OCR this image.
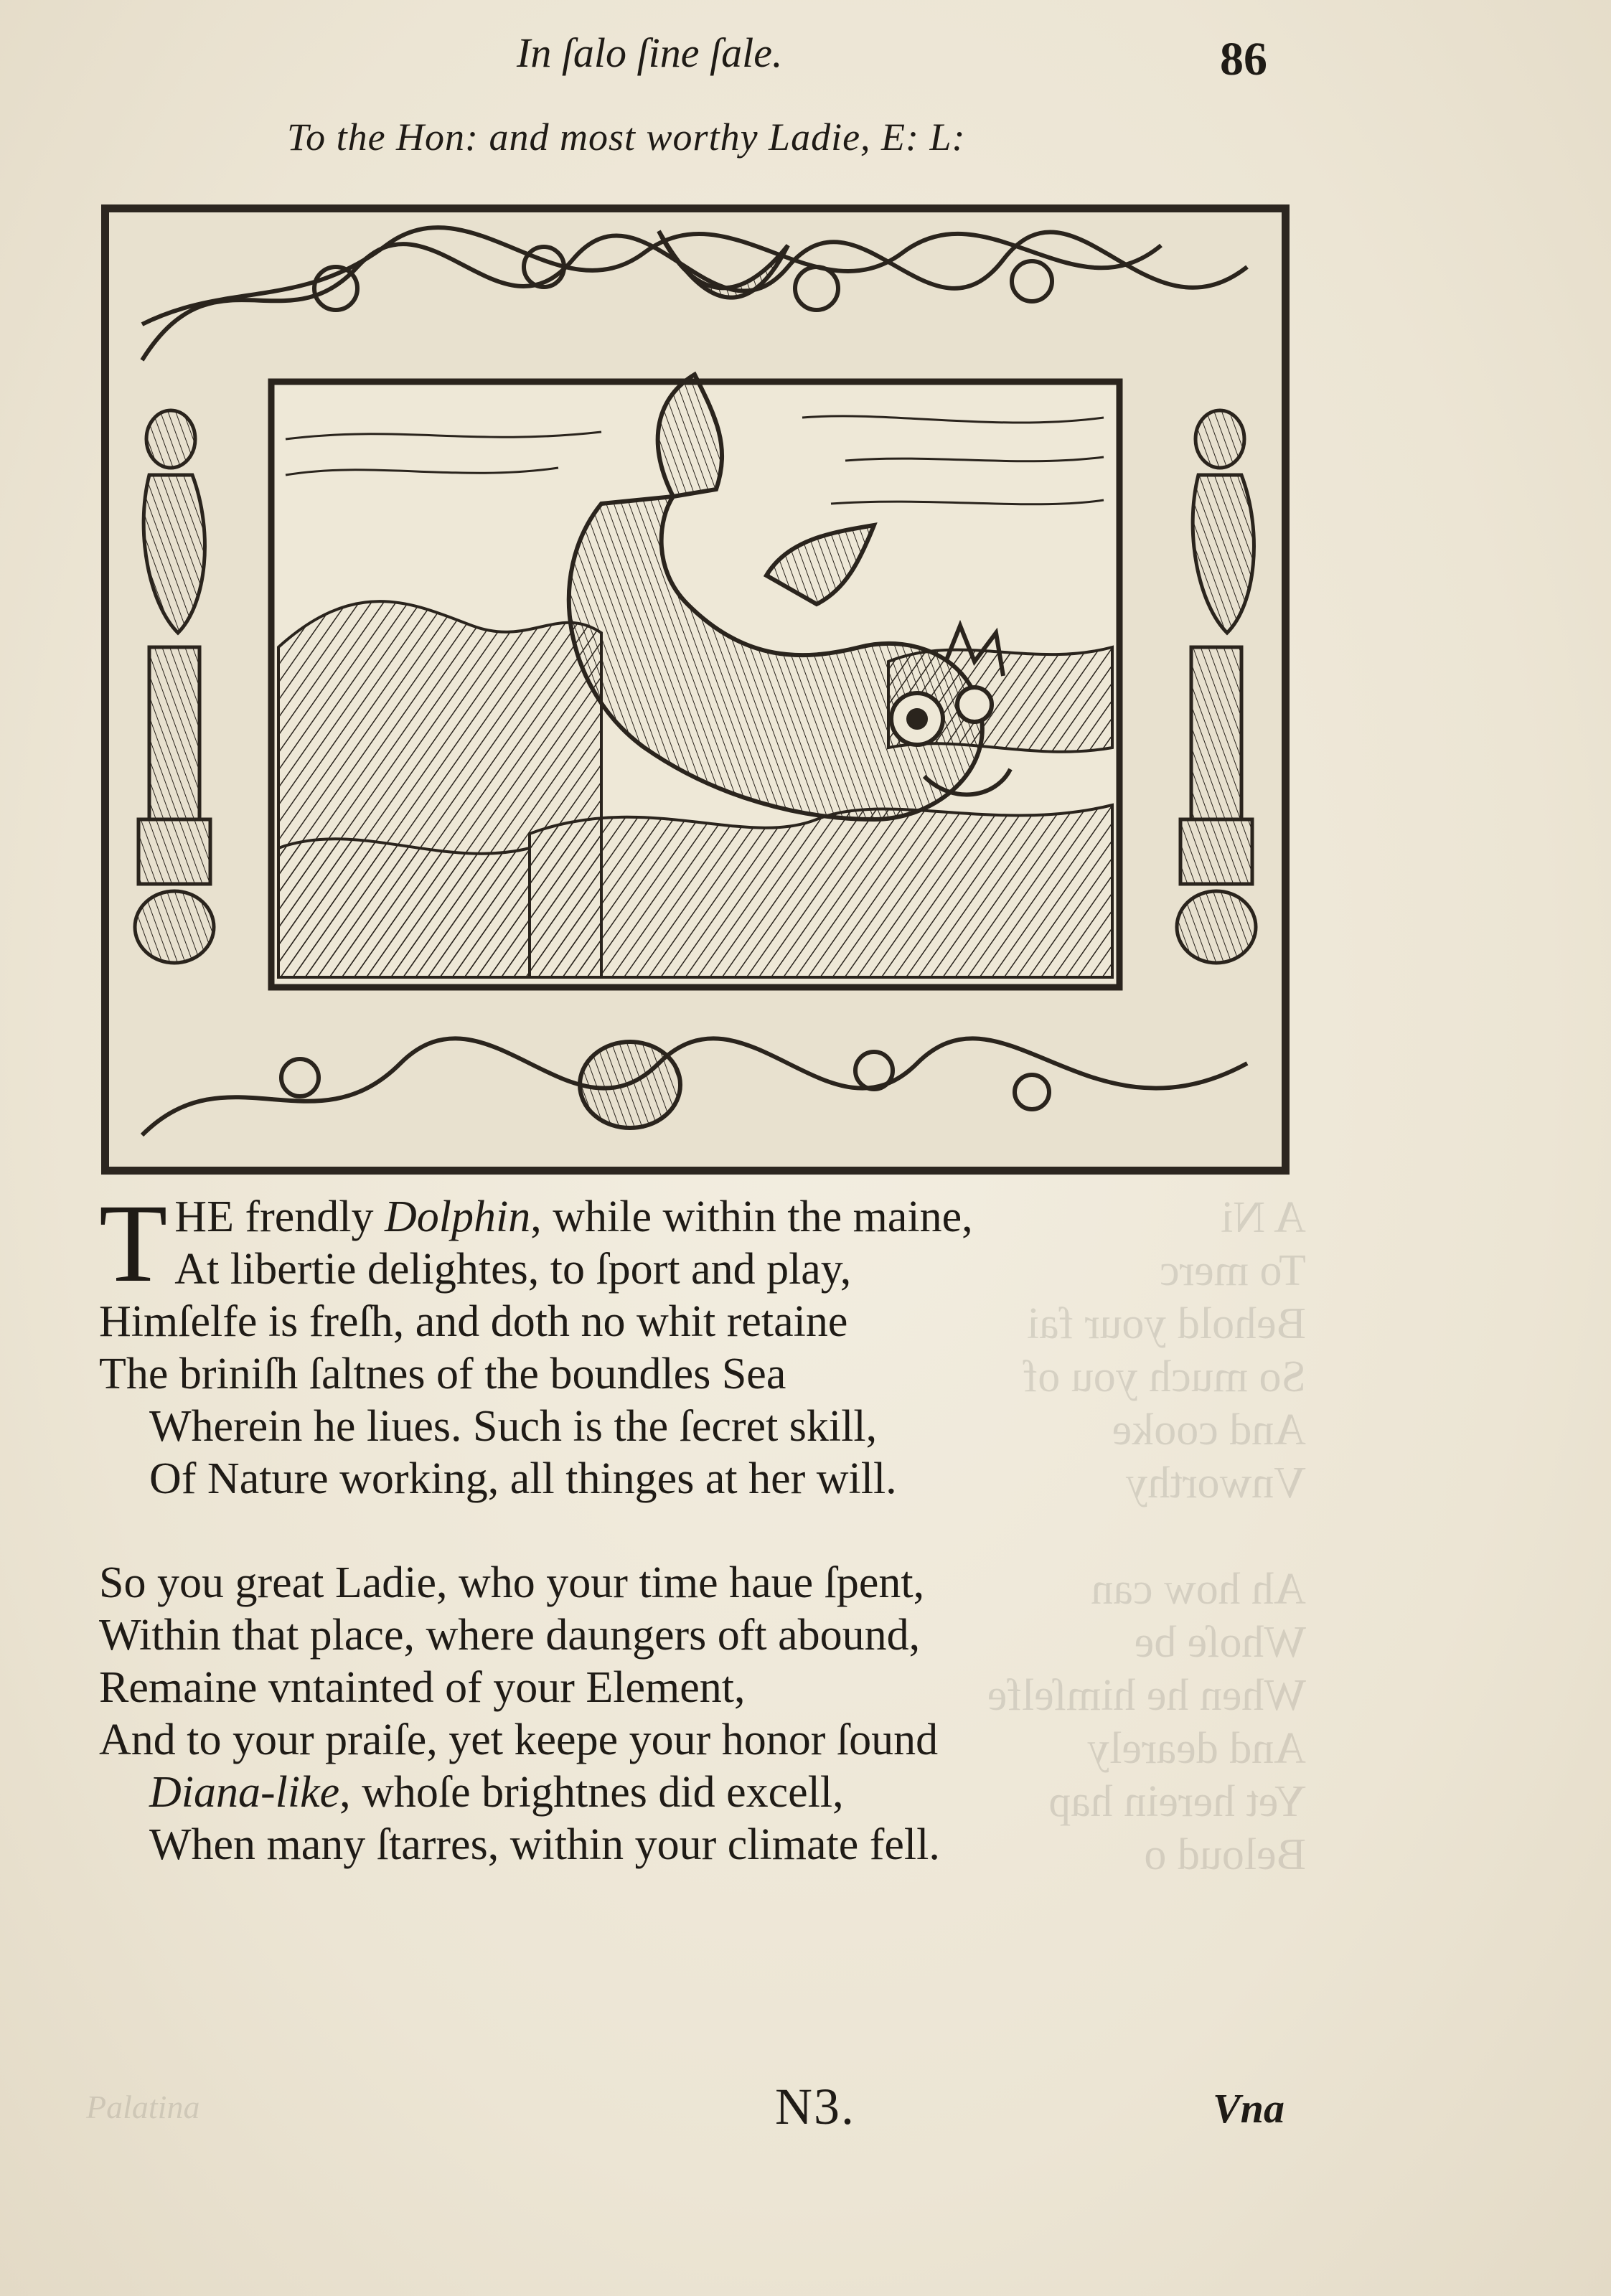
A Ni
To merc
Behold your fai
So much you of
And cooke
Vnworthy

Ah how can
Whoſe be
When he himſelfe
And dearely
Yet herein hap
Beloud o
In ſalo ſine ſale.	86
To the Hon: and most worthy Ladie, E: L:
T HE frendly Dolphin, while within the maine,
At libertie delightes, to ſport and play,
Himſelfe is freſh, and doth no whit retaine
The briniſh ſaltnes of the boundles Sea
Wherein he liues. Such is the ſecret skill,
Of Nature working, all thinges at her will.
So you great Ladie, who your time haue ſpent,
Within that place, where daungers oft abound,
Remaine vntainted of your Element,
And to your praiſe, yet keepe your honor ſound
Diana-like, whoſe brightnes did excell,
When many ſtarres, within your climate fell.
Palatina	N3.	Vna
